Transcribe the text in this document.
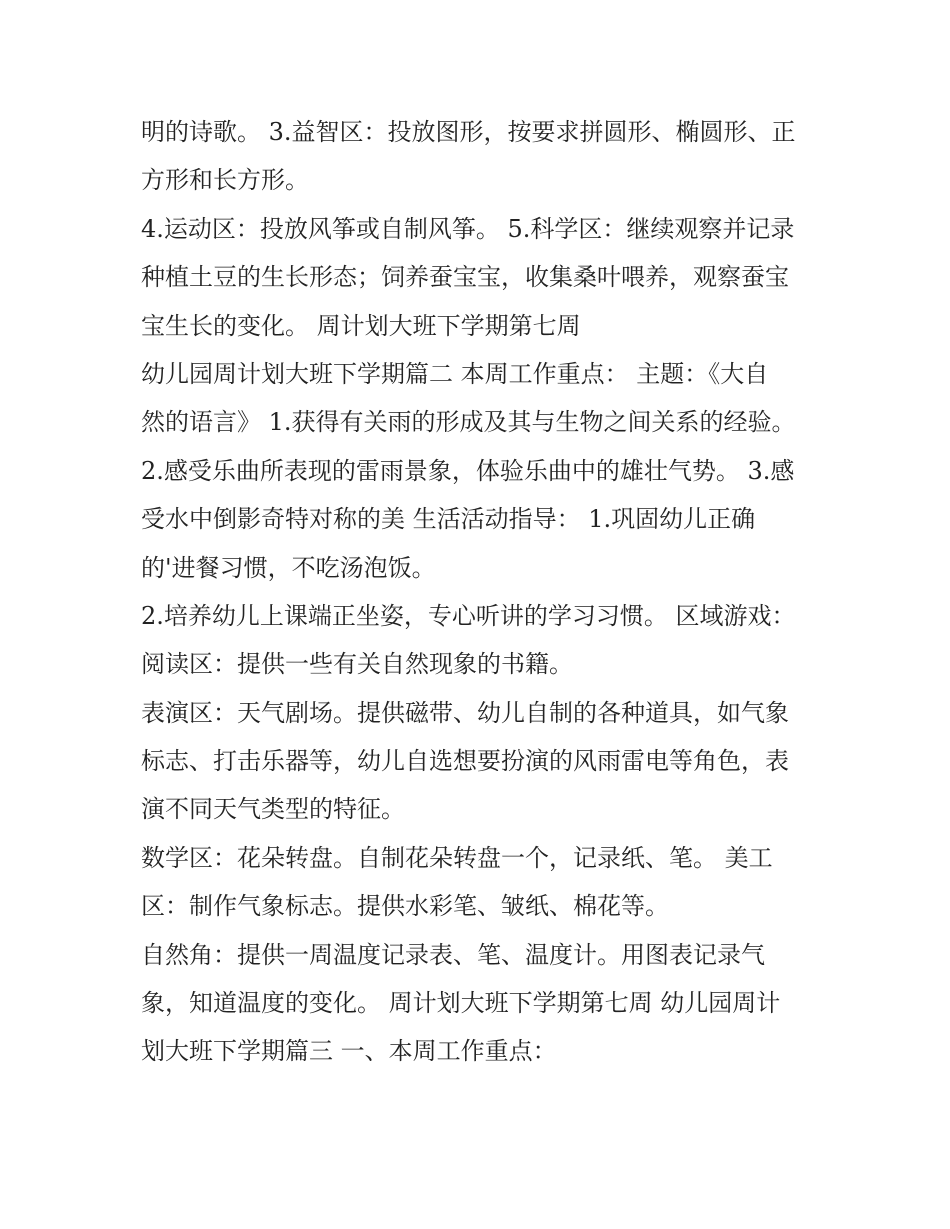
明的诗歌。 3.益智区：投放图形，按要求拼圆形、椭圆形、正
方形和长方形。
4.运动区：投放风筝或自制风筝。 5.科学区：继续观察并记录
种植土豆的生长形态；饲养蚕宝宝，收集桑叶喂养，观察蚕宝
宝生长的变化。 周计划大班下学期第七周
幼儿园周计划大班下学期篇二 本周工作重点： 主题：《大自
然的语言》 1.获得有关雨的形成及其与生物之间关系的经验。
2.感受乐曲所表现的雷雨景象，体验乐曲中的雄壮气势。 3.感
受水中倒影奇特对称的美 生活活动指导： 1.巩固幼儿正确
的'进餐习惯，不吃汤泡饭。
2.培养幼儿上课端正坐姿，专心听讲的学习习惯。 区域游戏：
阅读区：提供一些有关自然现象的书籍。
表演区：天气剧场。提供磁带、幼儿自制的各种道具，如气象
标志、打击乐器等，幼儿自选想要扮演的风雨雷电等角色，表
演不同天气类型的特征。
数学区：花朵转盘。自制花朵转盘一个，记录纸、笔。 美工
区：制作气象标志。提供水彩笔、皱纸、棉花等。
自然角：提供一周温度记录表、笔、温度计。用图表记录气
象，知道温度的变化。 周计划大班下学期第七周 幼儿园周计
划大班下学期篇三 一、本周工作重点：
